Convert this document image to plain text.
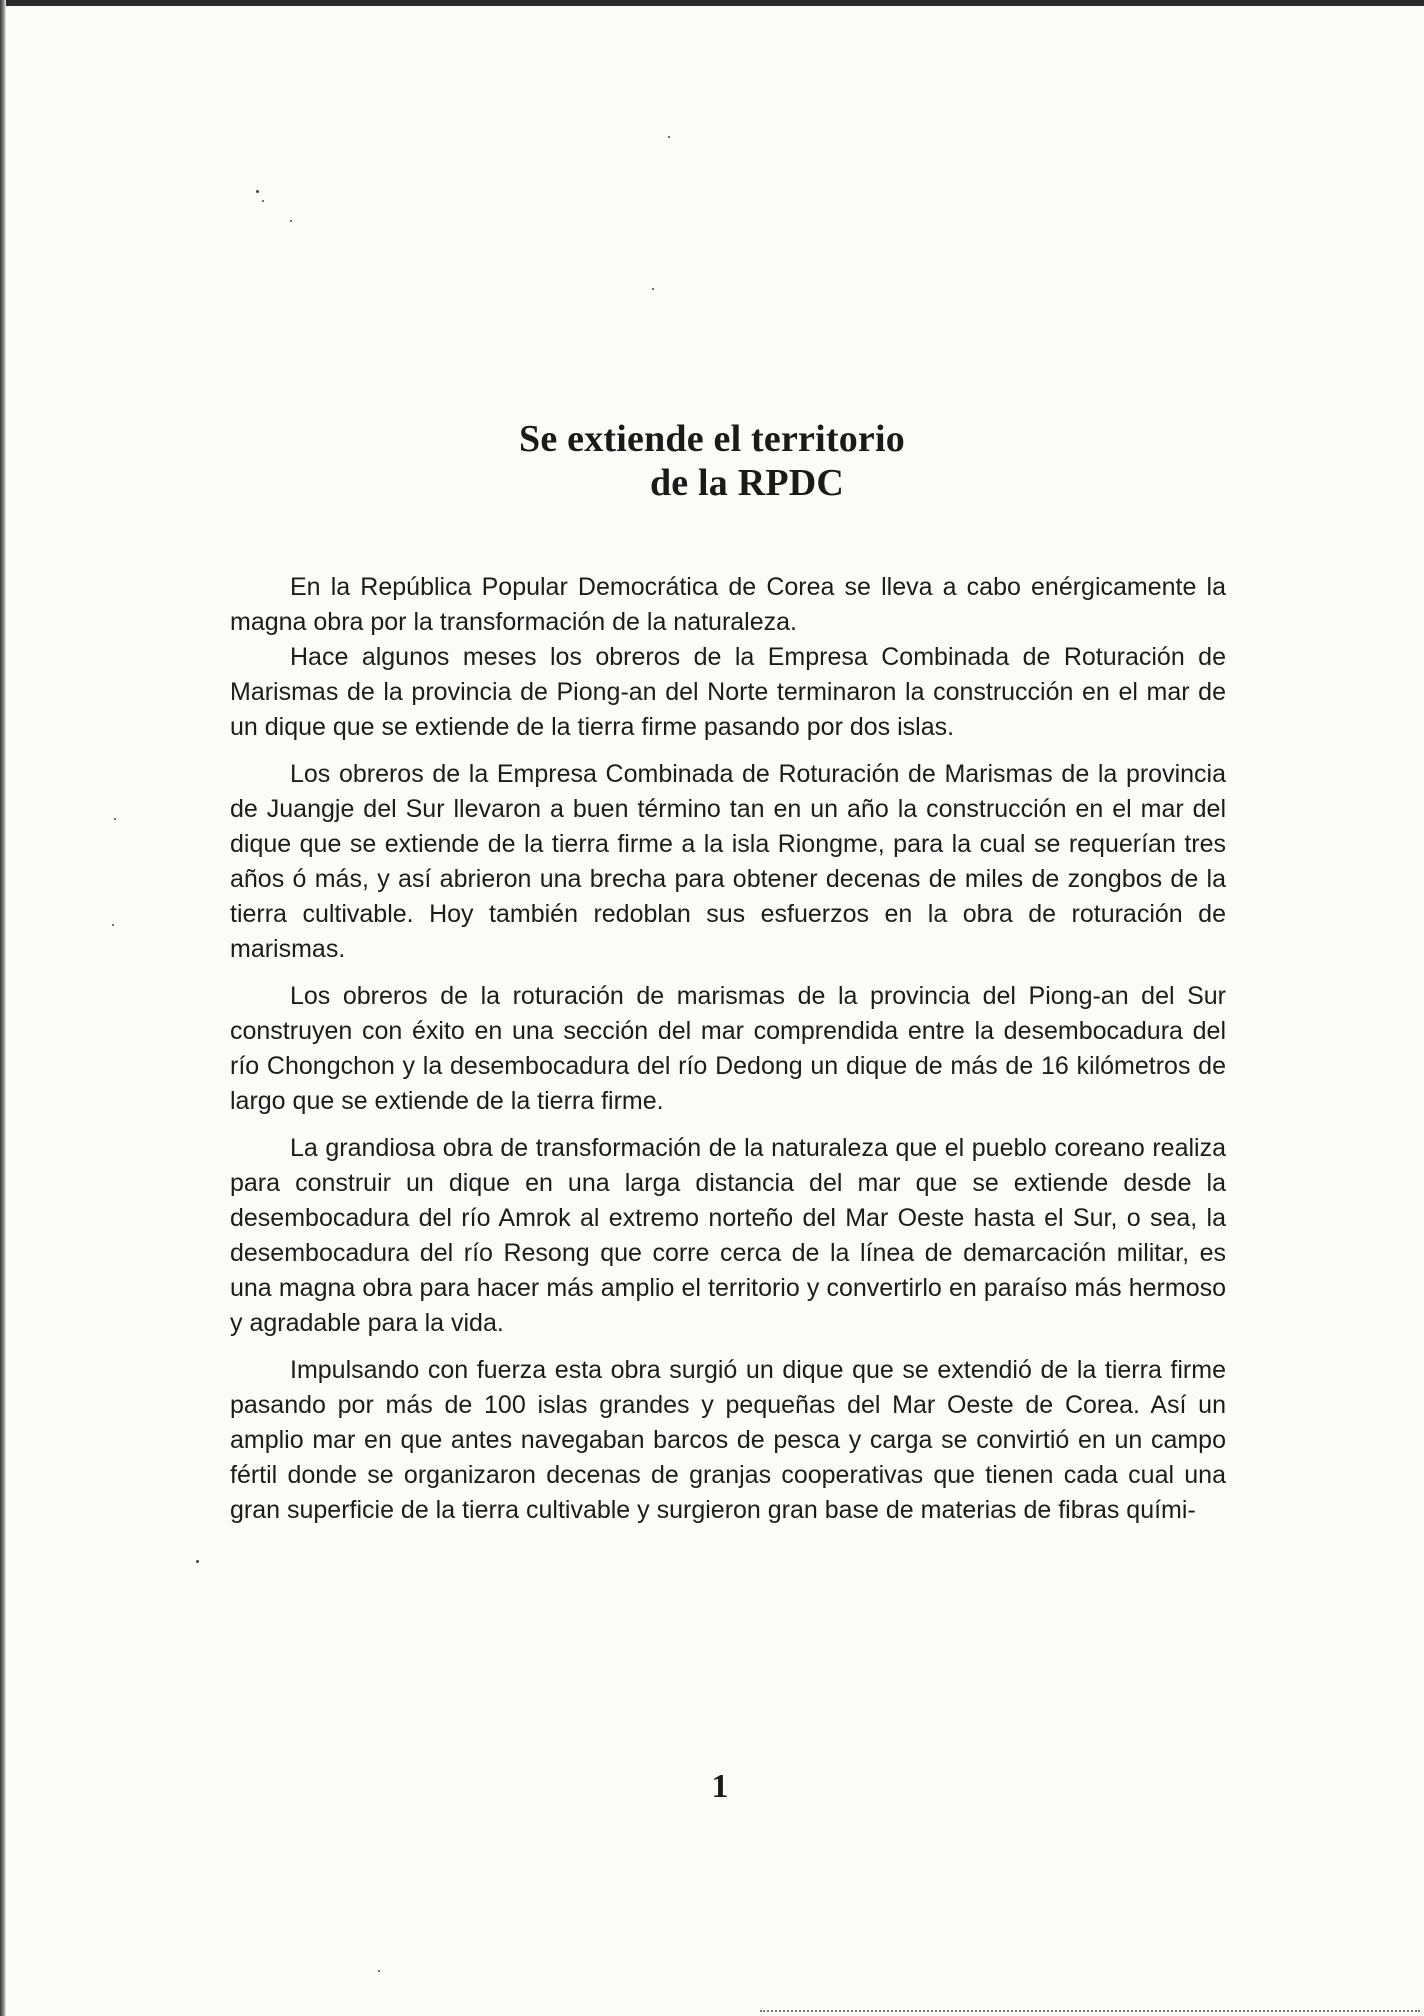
Se extiende el territorio
de la RPDC

En la República Popular Democrática de Corea se lleva a cabo enérgicamente la magna obra por la transformación de la naturaleza.

Hace algunos meses los obreros de la Empresa Combinada de Roturación de Marismas de la provincia de Piong-an del Norte terminaron la construcción en el mar de un dique que se extiende de la tierra firme pasando por dos islas.

Los obreros de la Empresa Combinada de Roturación de Marismas de la provincia de Juangje del Sur llevaron a buen término tan en un año la construcción en el mar del dique que se extiende de la tierra firme a la isla Riongme, para la cual se requerían tres años ó más, y así abrieron una brecha para obtener decenas de miles de zongbos de la tierra cultivable. Hoy también redoblan sus esfuerzos en la obra de roturación de marismas.

Los obreros de la roturación de marismas de la provincia del Piong-an del Sur construyen con éxito en una sección del mar comprendida entre la desembocadura del río Chongchon y la desembocadura del río Dedong un dique de más de 16 kilómetros de largo que se extiende de la tierra firme.

La grandiosa obra de transformación de la naturaleza que el pueblo coreano realiza para construir un dique en una larga distancia del mar que se extiende desde la desembocadura del río Amrok al extremo norteño del Mar Oeste hasta el Sur, o sea, la desembocadura del río Resong que corre cerca de la línea de demarcación militar, es una magna obra para hacer más amplio el territorio y convertirlo en paraíso más hermoso y agradable para la vida.

Impulsando con fuerza esta obra surgió un dique que se extendió de la tierra firme pasando por más de 100 islas grandes y pequeñas del Mar Oeste de Corea. Así un amplio mar en que antes navegaban barcos de pesca y carga se convirtió en un campo fértil donde se organizaron decenas de granjas cooperativas que tienen cada cual una gran superficie de la tierra cultivable y surgieron gran base de materias de fibras quími-

1
